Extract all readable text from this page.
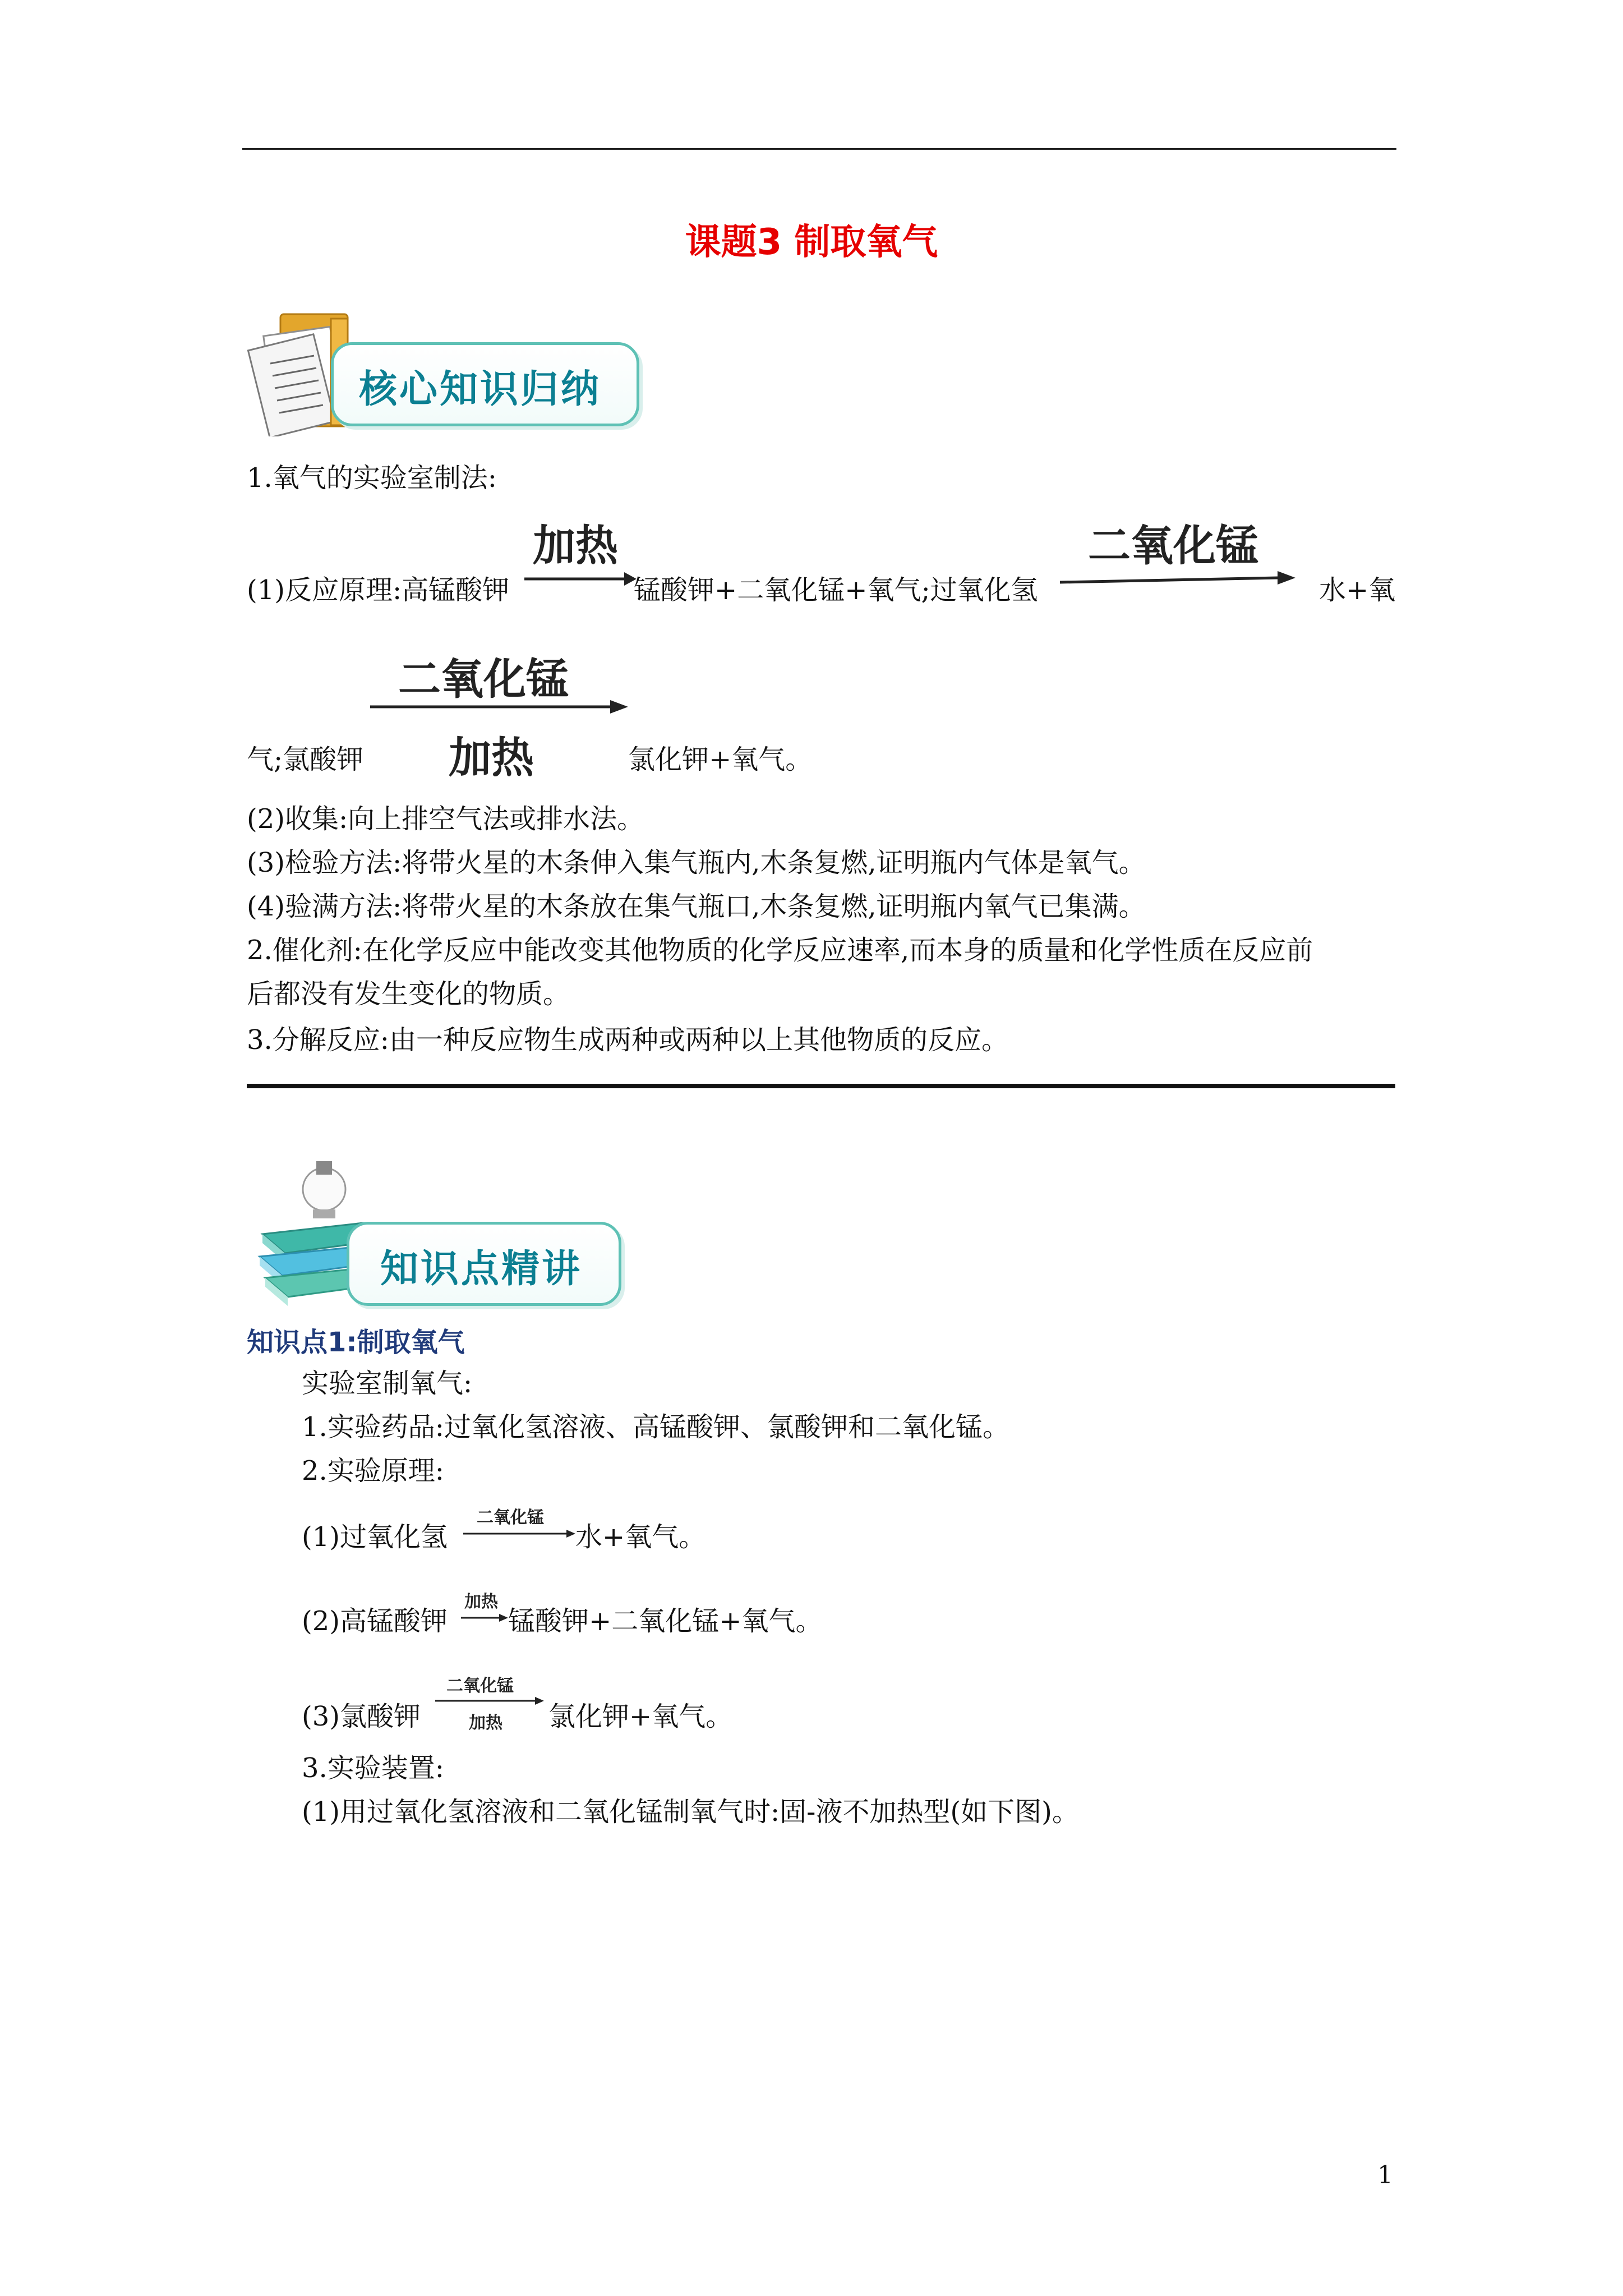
课题3 制取氧气
核心知识归纳
1.氧气的实验室制法:
(1)反应原理:高锰酸钾
加热
锰酸钾+二氧化锰+氧气;过氧化氢
二氧化锰
水+氧
二氧化锰
加热
气;氯酸钾	氯化钾+氧气。
(2)收集:向上排空气法或排水法。
(3)检验方法:将带火星的木条伸入集气瓶内,木条复燃,证明瓶内气体是氧气。
(4)验满方法:将带火星的木条放在集气瓶口,木条复燃,证明瓶内氧气已集满。
2.催化剂:在化学反应中能改变其他物质的化学反应速率,而本身的质量和化学性质在反应前
后都没有发生变化的物质。
3.分解反应:由一种反应物生成两种或两种以上其他物质的反应。
知识点精讲
知识点1:制取氧气
实验室制氧气:
1.实验药品:过氧化氢溶液、高锰酸钾、氯酸钾和二氧化锰。
2.实验原理:
(1)过氧化氢
二氧化锰
水+氧气。
(2)高锰酸钾
加热
锰酸钾+二氧化锰+氧气。
二氧化锰
加热
(3)氯酸钾	氯化钾+氧气。
3.实验装置:
(1)用过氧化氢溶液和二氧化锰制氧气时:固-液不加热型(如下图)。
1
